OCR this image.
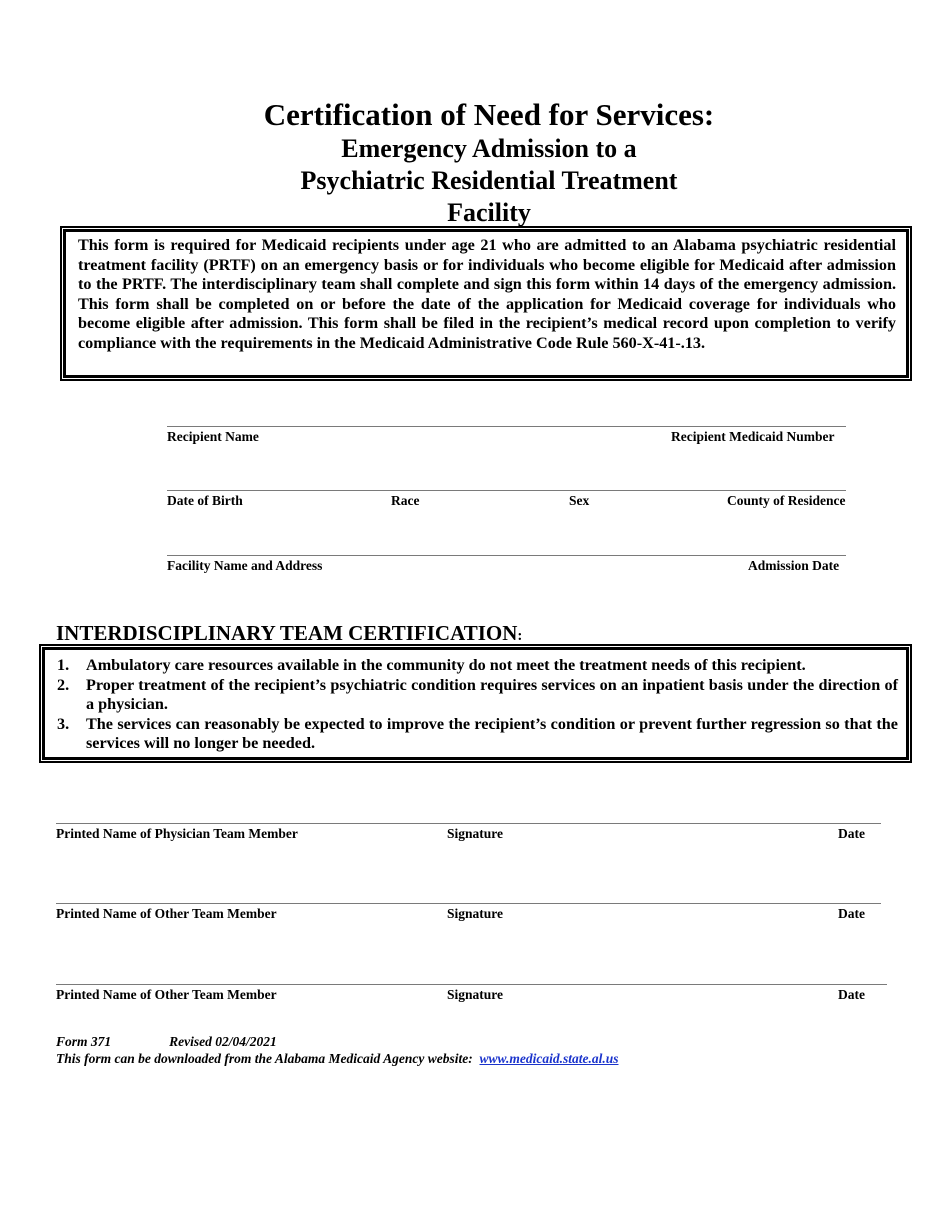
Certification of Need for Services:
Emergency Admission to a
Psychiatric Residential Treatment
Facility

This form is required for Medicaid recipients under age 21 who are admitted to an Alabama psychiatric residential treatment facility (PRTF) on an emergency basis or for individuals who become eligible for Medicaid after admission to the PRTF. The interdisciplinary team shall complete and sign this form within 14 days of the emergency admission. This form shall be completed on or before the date of the application for Medicaid coverage for individuals who become eligible after admission. This form shall be filed in the recipient’s medical record upon completion to verify compliance with the requirements in the Medicaid Administrative Code Rule 560-X-41-.13.

Recipient Name	Recipient Medicaid Number
Date of Birth	Race	Sex	County of Residence
Facility Name and Address	Admission Date
INTERDISCIPLINARY TEAM CERTIFICATION:
1. Ambulatory care resources available in the community do not meet the treatment needs of this recipient.
2. Proper treatment of the recipient’s psychiatric condition requires services on an inpatient basis under the direction of a physician.
3. The services can reasonably be expected to improve the recipient’s condition or prevent further regression so that the services will no longer be needed.
Printed Name of Physician Team Member	Signature	Date
Printed Name of Other Team Member	Signature	Date
Printed Name of Other Team Member	Signature	Date
Form 371	Revised 02/04/2021
This form can be downloaded from the Alabama Medicaid Agency website: www.medicaid.state.al.us
